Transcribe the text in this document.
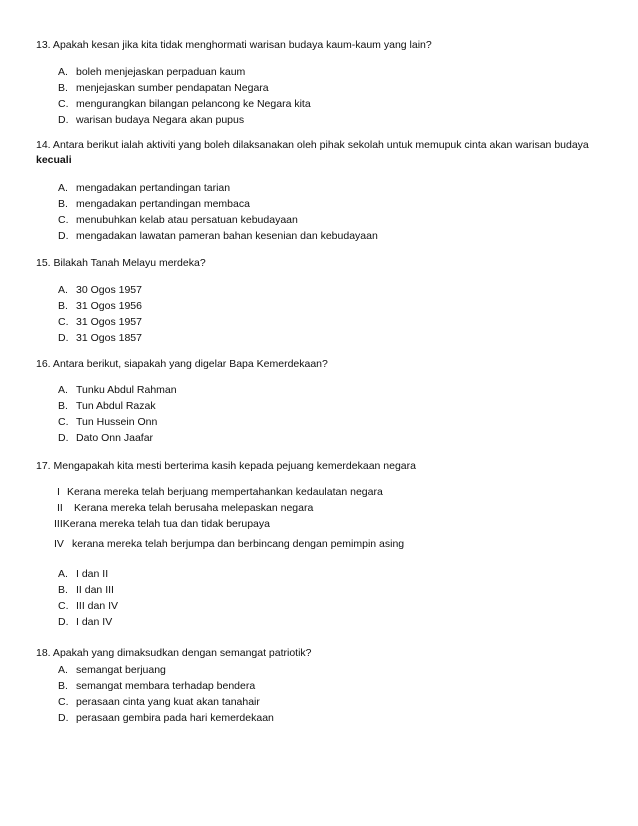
13. Apakah kesan jika kita tidak menghormati warisan budaya kaum-kaum yang lain?
A. boleh menjejaskan perpaduan kaum
B. menjejaskan sumber pendapatan Negara
C. mengurangkan bilangan pelancong ke Negara kita
D. warisan budaya Negara akan pupus
14. Antara berikut ialah aktiviti yang boleh dilaksanakan oleh pihak sekolah untuk memupuk cinta akan warisan budaya
kecuali
A. mengadakan pertandingan tarian
B. mengadakan pertandingan membaca
C. menubuhkan kelab atau persatuan kebudayaan
D. mengadakan lawatan pameran bahan kesenian dan kebudayaan
15. Bilakah Tanah Melayu merdeka?
A. 30 Ogos 1957
B. 31 Ogos 1956
C. 31 Ogos 1957
D. 31 Ogos 1857
16. Antara berikut, siapakah yang digelar Bapa Kemerdekaan?
A. Tunku Abdul Rahman
B. Tun Abdul Razak
C. Tun Hussein Onn
D. Dato Onn Jaafar
17. Mengapakah kita mesti berterima kasih kepada pejuang kemerdekaan negara
I Kerana mereka telah berjuang mempertahankan kedaulatan negara
II Kerana mereka telah berusaha melepaskan negara
IIIKerana mereka telah tua dan tidak berupaya
IV kerana mereka telah berjumpa dan berbincang dengan pemimpin asing
A. I dan II
B. II dan III
C. III dan IV
D. I dan IV
18. Apakah yang dimaksudkan dengan semangat patriotik?
A. semangat berjuang
B. semangat membara terhadap bendera
C. perasaan cinta yang kuat akan tanahair
D. perasaan gembira pada hari kemerdekaan
